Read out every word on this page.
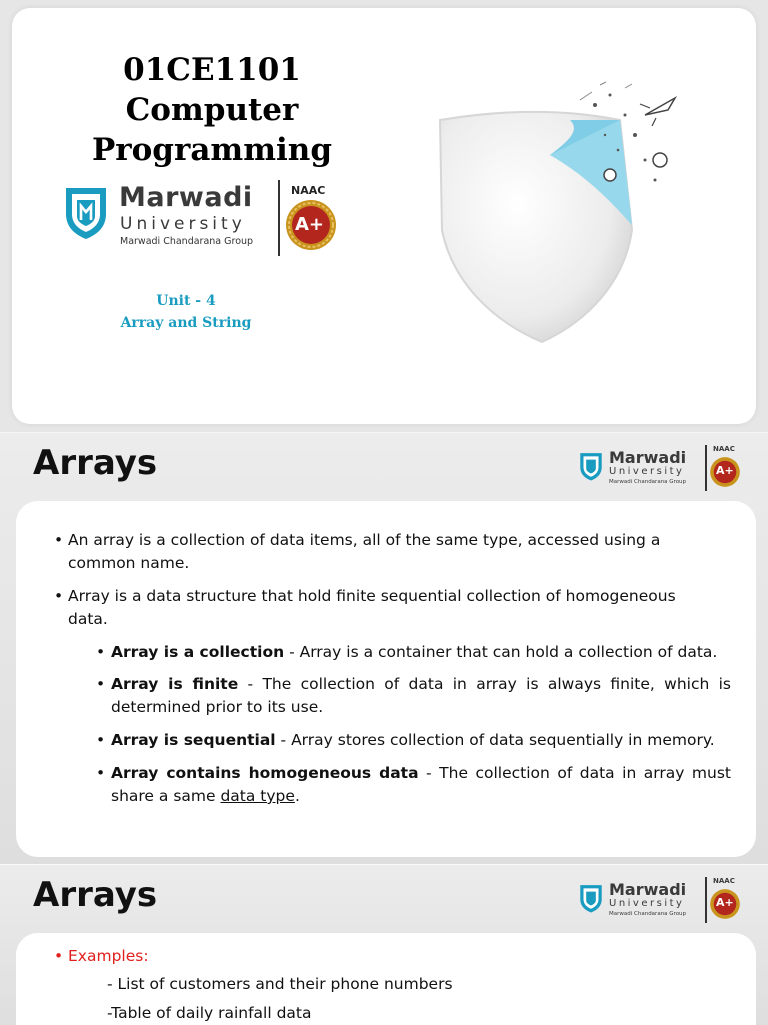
01CE1101
Computer Programming
Marwadi
University
Marwadi Chandarana Group
NAAC
A+
Unit - 4
Array and String
Arrays	Marwadi
University
Marwadi Chandarana Group
NAAC
A+
• An array is a collection of data items, all of the same type, accessed using a common name.
• Array is a data structure that hold finite sequential collection of homogeneous data.
• Array is a collection - Array is a container that can hold a collection of data.
• Array is finite - The collection of data in array is always finite, which is determined prior to its use.
• Array is sequential - Array stores collection of data sequentially in memory.
• Array contains homogeneous data - The collection of data in array must share a same data type.
Arrays	Marwadi
University
Marwadi Chandarana Group
NAAC
A+
• Examples:
- List of customers and their phone numbers
-Table of daily rainfall data
